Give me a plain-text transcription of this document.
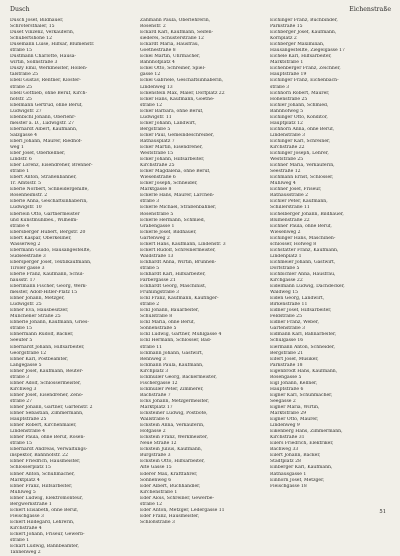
Dusch	Eichenstraße
Dusch Josef, Bildhauer,
Schrötersthaler, 15
Duset Vinzenz, Verkäuferin,
Schubertshöhe 12
Dusemann Luise, Hilfsar, Blumenstr.
straße 15
Dustmann Charlotte, Hausa-
wirtin, Söllnstraße 3
Duszy Emil, Werkmeister, Hollen-
talstraße 25
Ebell Gustav, Rentner, Kloster-
straße 25
Ebell Gottlieb, ohne Beruf, Kirch-
hofstr. 25
Ebelmann Gertrud, ohne Beruf,
Ludwigstr. 27
Ebenbichl Johann, Oberlehr-
meister a. D., Ludwigstr. 27
Eberhardt Albert, Kaufmann,
Salzgasse 4
Eberl Johann, Maurer, Riedhof-
weg 1
Eber Josef, Oberkellner,
Lindstr. 6
Eber Lorenz, Eisendreher, Brenner-
straße 1
Ebert Anton, Straßenbahner,
Tr. Amtsstr. 5
Eberle Norbert, Schneidergehilfe,
Rosenheimstr. 2
Eberle Anna, Geschäftsinhaberin,
Ludwigstr. 10
Eberlein Otto, Gärtnermeister
und Kunstmühlbes., Wilhelm-
straße 4
Ebersberger Hubert, Bergstr. 20
Ebert Kaspar, Oberkellner,
Wasserweg 2
Ebermann Guido, Hausangestellte,
Südseestraße 3
Ebersperger Josef, Textilkaufmann,
Tiroler gasse 3
Eberle Franz, Kaufmann, Schul-
hausstr. 17
Eberlmann Fischer, Georg, Werk-
meister, Adolf-Hitler-Platz 15
Ebner Johann, Metzger,
Ludwigstr. 25
Ebner Eva, Hausbesitzer,
Münchener Straße 25
Ebnerle Johann, Kaufmann, Gries-
straße 15
Ebnermann Rudolf, Bäcker,
Seeufer 5
Eberhardt Johann, Hilfsarbeiter,
Georgstraße 12
Ebner Karl, Postbeamter,
Langegasse 5
Ebner Josef, Kaufmann, Reuter-
straße 3
Ebner Adolf, Schlossermeister,
Kirchweg 3
Ebner Josef, Eisendreher, Zeno-
straße 27
Ebner Johann, Gärtner, Gartenstr. 2
Ebner Sebastian, Zimmermann,
Hauptstraße 25
Ebner Robert, Kirchenmaler,
Lindenstraße 4
Ebner Paula, ohne Beruf, Rosen-
straße 15
Eberhardt Andreas, Verwaltungs-
inspektor, Bahnhofstr. 22
Ebner Friedrich, Hausmeister,
Schlosserplatz 15
Ebner Anton, Schuhmacher,
Marktplatz 4
Ebner Franz, Hilfsarbeiter,
Mühlweg 5
Ebner Ludwig, Elektromonteur,
Bergwerkstraße 1
Eckert Elisabeth, ohne Beruf,
Fleischgasse 3
Eckert Hildegard, Lehrerin,
Kirchstraße 4
Eckert Johann, Friseur, Gewerb-
straße 1
Eckart Ludwig, Bahnbeamter,
Tannenweg 2
Zahmann Paula, Oberlehrerin,
Rosenstr. 2
Eckard Karl, Kaufmann, Seifen-
siederei, Schusterstraße 12
Eckardt Maria, Hausfrau,
Goethestraße 8
Eckel Martin, Uhrmacher,
Bahnhofplatz 4
Eckel Otto, Schreiner, Spiel-
gasse 12
Eckel Gabriele, Geschäftsinhaberin,
Lindenweg 13
Eckenstein Max, Maler, Dorfplatz 22
Ecker Hans, Kaufmann, Goethe-
straße 12
Ecker Barbara, ohne Beruf,
Ludwigstr. 11
Ecker Johann, Landwirt,
Bergstraße 5
Ecker Paul, Gemeindeschreiber,
Rathausplatz 7
Ecker Martin, Eisendreher,
Weststraße 15
Ecker Johann, Hilfsarbeiter,
Kirchstraße 25
Ecker Magdalena, ohne Beruf,
Wiesenstraße 6
Ecker Joseph, Schneider,
Marktgasse 8
Eckerle Hans, Maurer, Lärchen-
straße 3
Eckerle Michael, Straßenbahner,
Rosenstraße 5
Eckerle Hermann, Schmied,
Grabengasse 1
Eckerle Josef, Bildhauer,
Gartenweg 2
Eckert Hans, Kaufmann, Lindenstr. 3
Eckert Rudolf, Schreinermeister,
Waldstraße 13
Eckhardt Anna, Wirtin, Brunnen-
straße 5
Eckhardt Karl, Hilfsarbeiter,
Färbergasse 21
Eckhardt Georg, Maschinist,
Frühlingstraße 3
Eckl Franz, Kaufmann, Kaufinger-
straße 2
Eckl Johann, Bauarbeiter,
Schulstraße 8
Eckl Maria, ohne Beruf,
Sonnenstraße 5
Eckl Ludwig, Gärtner, Mühlgasse 4
Eckl Hermann, Schlosser, Bad-
straße 11
Eckmann Johann, Gastwirt,
Rennweg 3
Eckmann Paula, Kaufmann,
Kirchplatz 3
Eckmüller Georg, Bäckermeister,
Fischergasse 12
Eckmüller Peter, Zimmerer,
Bachstraße 7
Ecks Johann, Metzgermeister,
Marktplatz 17
Ecksteiner Ludwig, Postbote,
Wallstraße 6
Eckstein Anna, Verkäuferin,
Hofgasse 2
Eckstein Franz, Werkmeister,
Neue Straße 12
Eckstein Julius, Kaufmann,
Burgstraße 3
Eckstein Otto, Hilfsarbeiter,
Alte Gasse 15
Ederer Max, Kraftfahrer,
Sonnenweg 6
Eder Albert, Buchhändler,
Kirchenstraße 1
Eder Alois, Schreiner, Gewerbe-
straße 12
Eder Anton, Metzger, Ledergasse 11
Eder Franz, Hausmeister,
Schloßstraße 3
Eichinger Franz, Buchbinder,
Parkstraße 15
Eichberger Josef, Kaufmann,
Kornplatz 2
Eichberger Maximilian,
Hausangestellte, Ziegelgasse 17
Eichele Karl, Hilfsarbeiter,
Marktstraße 1
Eichenberger Franz, Zeichner,
Hauptstraße 19
Eichinger Franz, Eichenbach-
straße 3
Eichhorn Robert, Maurer,
Hohenstraße 25
Eichler Johann, Schmied,
Bahnhofweg 5
Eichinger Otto, Konditor,
Hauptplatz 12
Eichhorn Anna, ohne Beruf,
Lindenstraße 3
Eichinger Karl, Schreiner,
Kirchstraße 22
Eichinger Joseph, Lehrer,
Weststraße 25
Eichner Maria, Verkäuferin,
Seestraße 12
Eichmann Ernst, Schlosser,
Mühlweg 4
Eichner Josef, Friseur,
Rathausstraße 2
Eichler Peter, Kaufmann,
Schillerstraße 11
Eichelberger Johann, Bildhauer,
Blumenstraße 22
Eichner Paula, ohne Beruf,
Wiesenweg 2
Eichinger Hans, Maschinen-
schlosser, Hofweg 8
Eichstätter Franz, Kaufmann,
Lindenplatz 1
Eichmeier Johann, Gastwirt,
Dorfstraße 5
Eichbichler Anna, Hausfrau,
Kirchgasse 22
Eidelmann Ludwig, Dachdecker,
Waldweg 15
Eiden Georg, Landwirt,
Birkenstraße 11
Eidner Josef, Hilfsarbeiter,
Feldstraße 25
Eidner Franz, Weber,
Gartenstraße 3
Eidmann Karl, Bahnarbeiter,
Schulgasse 16
Eiermann Anton, Schneider,
Bergstraße 21
Eifert Josef, Musiker,
Parkstraße 18
Eigenbrodt Hans, Kaufmann,
Rosengasse 5
Eigl Johann, Kellner,
Hauptstraße 6
Eigner Karl, Schuhmacher,
Seegasse 2
Eigner Maria, Wirtin,
Marktstraße 29
Eigner Otto, Maurer,
Lindenweg 9
Eikenberg Hans, Zimmermann,
Kirchstraße 31
Eilers Friedrich, Elektriker,
Bachweg 33
Eilert Johann, Bäcker,
Stadtplatz 28
Einberger Karl, Kaufmann,
Rathausgasse 1
Einhorn Josef, Metzger,
Fleischgasse 18
51
